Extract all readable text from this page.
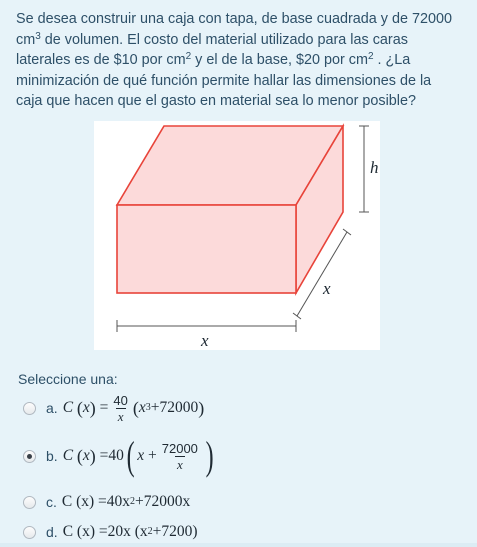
Se desea construir una caja con tapa, de base cuadrada y de 72000
$cm^3$ de volumen. El costo del material utilizado para las caras
laterales es de $10 por $cm^2$ y el de la base, $20 por $cm^2$ . ¿La
minimización de qué función permite hallar las dimensiones de la
caja que hacen que el gasto en material sea lo menor posible?
h
x
x
Seleccione una:
a. C
( x )
= $\frac{40}{x}$ ( x 3 +72000 )
b. C
( x )
=40 ( $x + \frac{72000}{x}$ )
c. C (x) =40x 2 +72000x
d. C (x) =20x (x 2 +7200)
